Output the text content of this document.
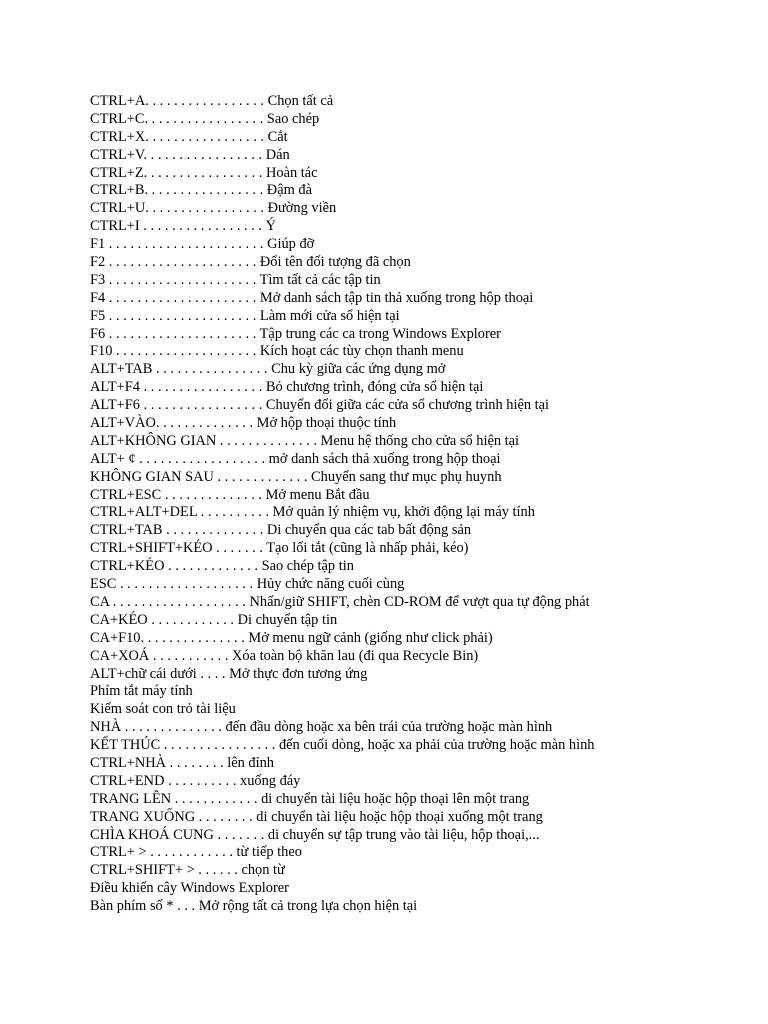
CTRL+A. . . . . . . . . . . . . . . . . Chọn tất cả
CTRL+C. . . . . . . . . . . . . . . . . Sao chép
CTRL+X. . . . . . . . . . . . . . . . . Cắt
CTRL+V. . . . . . . . . . . . . . . . . Dán
CTRL+Z. . . . . . . . . . . . . . . . . Hoàn tác
CTRL+B. . . . . . . . . . . . . . . . . Đậm đà
CTRL+U. . . . . . . . . . . . . . . . . Đường viền
CTRL+I . . . . . . . . . . . . . . . . . Ý
F1 . . . . . . . . . . . . . . . . . . . . . . Giúp đỡ
F2 . . . . . . . . . . . . . . . . . . . . . Đổi tên đối tượng đã chọn
F3 . . . . . . . . . . . . . . . . . . . . . Tìm tất cả các tập tin
F4 . . . . . . . . . . . . . . . . . . . . . Mở danh sách tập tin thả xuống trong hộp thoại
F5 . . . . . . . . . . . . . . . . . . . . . Làm mới cửa sổ hiện tại
F6 . . . . . . . . . . . . . . . . . . . . . Tập trung các ca trong Windows Explorer
F10 . . . . . . . . . . . . . . . . . . . . Kích hoạt các tùy chọn thanh menu
ALT+TAB . . . . . . . . . . . . . . . . Chu kỳ giữa các ứng dụng mở
ALT+F4 . . . . . . . . . . . . . . . . . Bỏ chương trình, đóng cửa sổ hiện tại
ALT+F6 . . . . . . . . . . . . . . . . . Chuyển đổi giữa các cửa sổ chương trình hiện tại
ALT+VÀO. . . . . . . . . . . . . . Mở hộp thoại thuộc tính
ALT+KHÔNG GIAN . . . . . . . . . . . . . . Menu hệ thống cho cửa sổ hiện tại
ALT+ ¢ . . . . . . . . . . . . . . . . . . mở danh sách thả xuống trong hộp thoại
KHÔNG GIAN SAU . . . . . . . . . . . . . Chuyển sang thư mục phụ huynh
CTRL+ESC . . . . . . . . . . . . . . Mở menu Bắt đầu
CTRL+ALT+DEL . . . . . . . . . . Mở quản lý nhiệm vụ, khởi động lại máy tính
CTRL+TAB . . . . . . . . . . . . . . Di chuyển qua các tab bất động sản
CTRL+SHIFT+KÉO . . . . . . . Tạo lối tắt (cũng là nhấp phải, kéo)
CTRL+KÉO . . . . . . . . . . . . . Sao chép tập tin
ESC . . . . . . . . . . . . . . . . . . . Hủy chức năng cuối cùng
CA . . . . . . . . . . . . . . . . . . . Nhấn/giữ SHIFT, chèn CD-ROM để vượt qua tự động phát
CA+KÉO . . . . . . . . . . . . Di chuyển tập tin
CA+F10. . . . . . . . . . . . . . . Mở menu ngữ cảnh (giống như click phải)
CA+XOÁ . . . . . . . . . . . Xóa toàn bộ khăn lau (đi qua Recycle Bin)
ALT+chữ cái dưới . . . . Mở thực đơn tương ứng
Phím tắt máy tính
Kiểm soát con trỏ tài liệu
NHÀ . . . . . . . . . . . . . . đến đầu dòng hoặc xa bên trái của trường hoặc màn hình
KẾT THÚC . . . . . . . . . . . . . . . . đến cuối dòng, hoặc xa phải của trường hoặc màn hình
CTRL+NHÀ . . . . . . . . lên đỉnh
CTRL+END . . . . . . . . . . xuống đáy
TRANG LÊN . . . . . . . . . . . . di chuyển tài liệu hoặc hộp thoại lên một trang
TRANG XUỐNG . . . . . . . . di chuyển tài liệu hoặc hộp thoại xuống một trang
CHÌA KHOÁ CUNG . . . . . . . di chuyển sự tập trung vào tài liệu, hộp thoại,...
CTRL+ > . . . . . . . . . . . . từ tiếp theo
CTRL+SHIFT+ > . . . . . . chọn từ
Điều khiển cây Windows Explorer
Bàn phím số * . . . Mở rộng tất cả trong lựa chọn hiện tại
